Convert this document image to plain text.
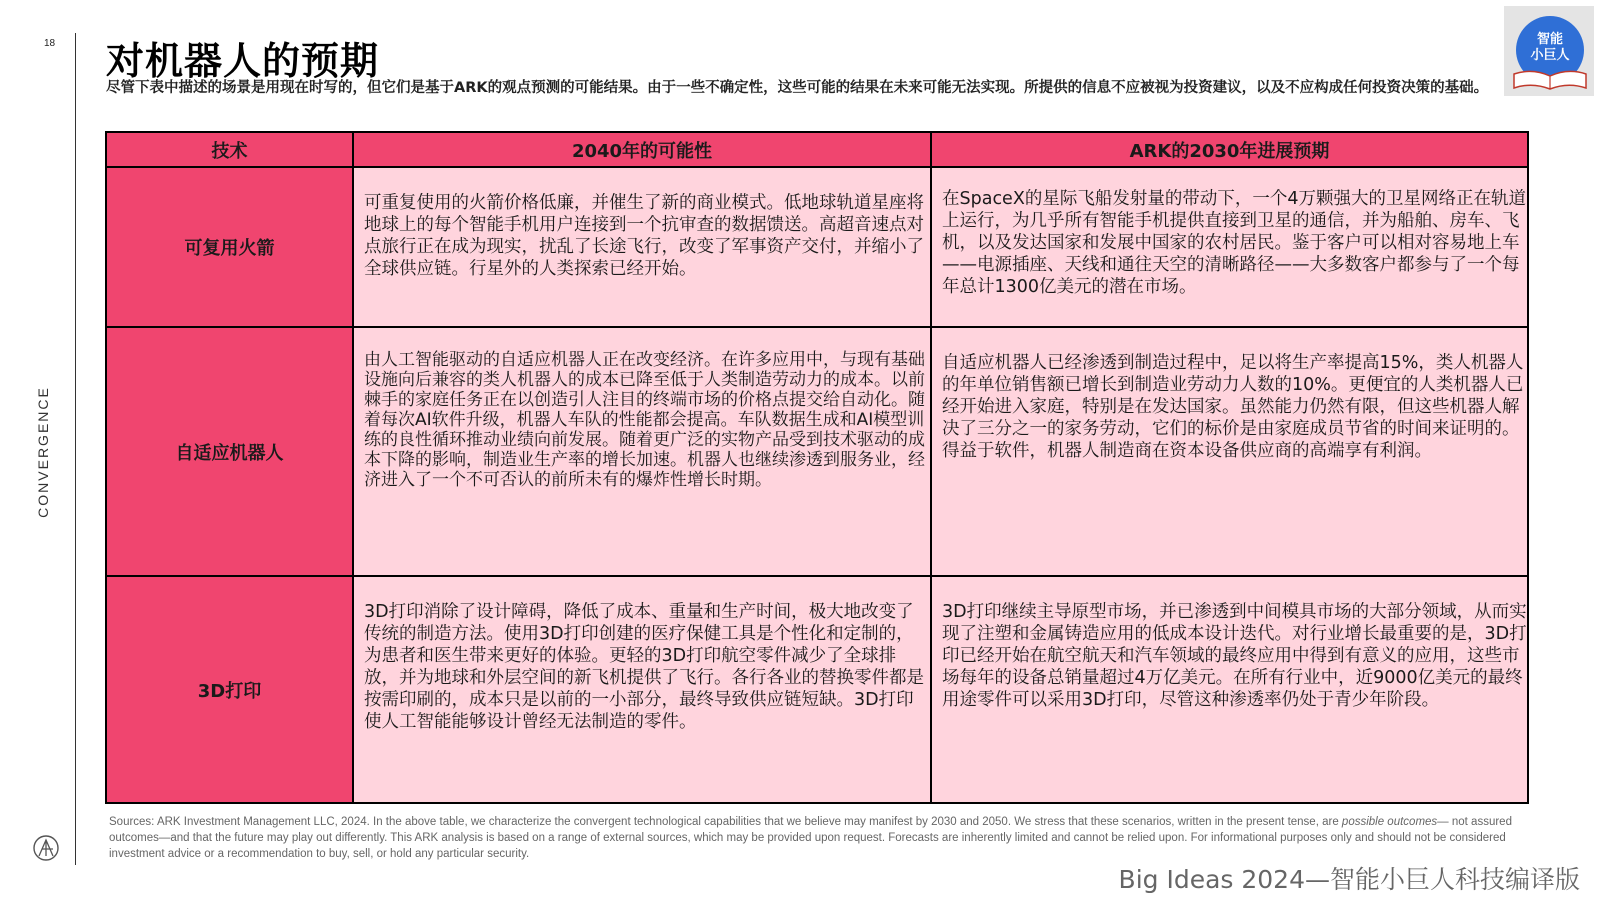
18
CONVERGENCE
对机器人的预期

尽管下表中描述的场景是用现在时写的，但它们是基于ARK的观点预测的可能结果。由于一些不确定性，这些可能的结果在未来可能无法实现。所提供的信息不应被视为投资建议，以及不应构成任何投资决策的基础。

智能
小巨人
技术	2040年的可能性	ARK的2030年进展预期
可复用火箭
可重复使用的火箭价格低廉，并催生了新的商业模式。低地球轨道星座将地球上的每个智能手机用户连接到一个抗审查的数据馈送。高超音速点对点旅行正在成为现实，扰乱了长途飞行，改变了军事资产交付，并缩小了全球供应链。行星外的人类探索已经开始。
在SpaceX的星际飞船发射量的带动下，一个4万颗强大的卫星网络正在轨道上运行，为几乎所有智能手机提供直接到卫星的通信，并为船舶、房车、飞机，以及发达国家和发展中国家的农村居民。鉴于客户可以相对容易地上车——电源插座、天线和通往天空的清晰路径——大多数客户都参与了一个每年总计1300亿美元的潜在市场。
自适应机器人
由人工智能驱动的自适应机器人正在改变经济。在许多应用中，与现有基础设施向后兼容的类人机器人的成本已降至低于人类制造劳动力的成本。以前棘手的家庭任务正在以创造引人注目的终端市场的价格点提交给自动化。随着每次AI软件升级，机器人车队的性能都会提高。车队数据生成和AI模型训练的良性循环推动业绩向前发展。随着更广泛的实物产品受到技术驱动的成本下降的影响，制造业生产率的增长加速。机器人也继续渗透到服务业，经济进入了一个不可否认的前所未有的爆炸性增长时期。
自适应机器人已经渗透到制造过程中，足以将生产率提高15%，类人机器人的年单位销售额已增长到制造业劳动力人数的10%。更便宜的人类机器人已经开始进入家庭，特别是在发达国家。虽然能力仍然有限，但这些机器人解决了三分之一的家务劳动，它们的标价是由家庭成员节省的时间来证明的。得益于软件，机器人制造商在资本设备供应商的高端享有利润。
3D打印
3D打印消除了设计障碍，降低了成本、重量和生产时间，极大地改变了传统的制造方法。使用3D打印创建的医疗保健工具是个性化和定制的，为患者和医生带来更好的体验。更轻的3D打印航空零件减少了全球排放，并为地球和外层空间的新飞机提供了飞行。各行各业的替换零件都是按需印刷的，成本只是以前的一小部分，最终导致供应链短缺。3D打印使人工智能能够设计曾经无法制造的零件。
3D打印继续主导原型市场，并已渗透到中间模具市场的大部分领域，从而实现了注塑和金属铸造应用的低成本设计迭代。对行业增长最重要的是，3D打印已经开始在航空航天和汽车领域的最终应用中得到有意义的应用，这些市场每年的设备总销量超过4万亿美元。在所有行业中，近9000亿美元的最终用途零件可以采用3D打印，尽管这种渗透率仍处于青少年阶段。

Sources: ARK Investment Management LLC, 2024. In the above table, we characterize the convergent technological capabilities that we believe may manifest by 2030 and 2050. We stress that these scenarios, written in the present tense, are possible outcomes— not assured outcomes—and that the future may play out differently. This ARK analysis is based on a range of external sources, which may be provided upon request. Forecasts are inherently limited and cannot be relied upon. For informational purposes only and should not be considered investment advice or a recommendation to buy, sell, or hold any particular security.

Big Ideas 2024—智能小巨人科技编译版
